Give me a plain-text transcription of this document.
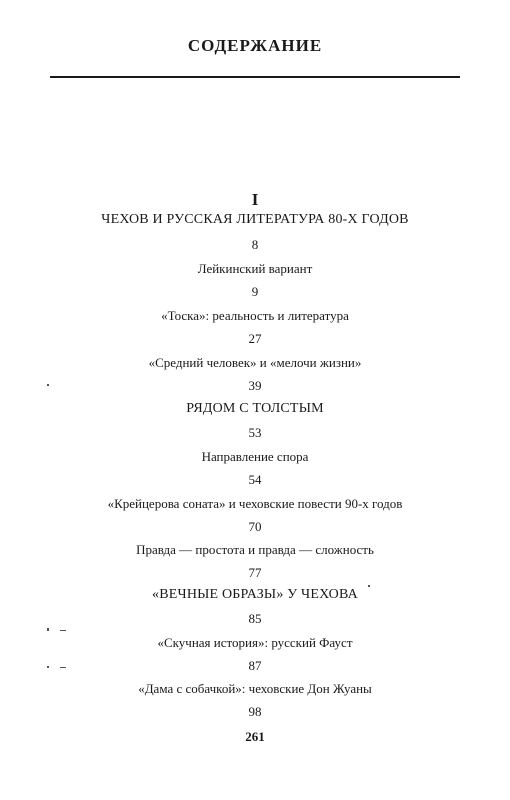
СОДЕРЖАНИЕ
I
ЧЕХОВ И РУССКАЯ ЛИТЕРАТУРА 80-Х ГОДОВ
8
Лейкинский вариант
9
«Тоска»: реальность и литература
27
«Средний человек» и «мелочи жизни»
39
РЯДОМ С ТОЛСТЫМ
53
Направление спора
54
«Крейцерова соната» и чеховские повести 90-х годов
70
Правда — простота и правда — сложность
77
«ВЕЧНЫЕ ОБРАЗЫ» У ЧЕХОВА
85
«Скучная история»: русский Фауст
87
«Дама с собачкой»: чеховские Дон Жуаны
98
261
